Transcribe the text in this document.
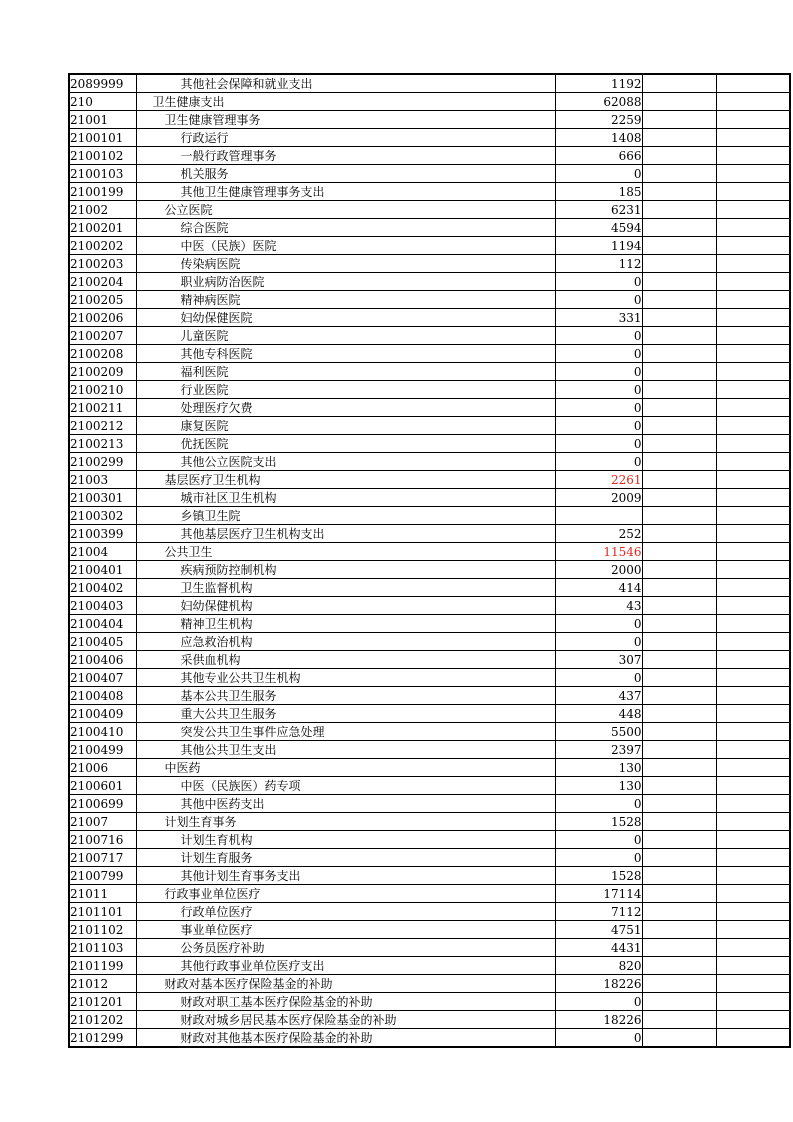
2089999	其他社会保障和就业支出	1192		
210	卫生健康支出	62088		
21001	卫生健康管理事务	2259		
2100101	行政运行	1408		
2100102	一般行政管理事务	666		
2100103	机关服务	0		
2100199	其他卫生健康管理事务支出	185		
21002	公立医院	6231		
2100201	综合医院	4594		
2100202	中医（民族）医院	1194		
2100203	传染病医院	112		
2100204	职业病防治医院	0		
2100205	精神病医院	0		
2100206	妇幼保健医院	331		
2100207	儿童医院	0		
2100208	其他专科医院	0		
2100209	福利医院	0		
2100210	行业医院	0		
2100211	处理医疗欠费	0		
2100212	康复医院	0		
2100213	优抚医院	0		
2100299	其他公立医院支出	0		
21003	基层医疗卫生机构	2261		
2100301	城市社区卫生机构	2009		
2100302	乡镇卫生院			
2100399	其他基层医疗卫生机构支出	252		
21004	公共卫生	11546		
2100401	疾病预防控制机构	2000		
2100402	卫生监督机构	414		
2100403	妇幼保健机构	43		
2100404	精神卫生机构	0		
2100405	应急救治机构	0		
2100406	采供血机构	307		
2100407	其他专业公共卫生机构	0		
2100408	基本公共卫生服务	437		
2100409	重大公共卫生服务	448		
2100410	突发公共卫生事件应急处理	5500		
2100499	其他公共卫生支出	2397		
21006	中医药	130		
2100601	中医（民族医）药专项	130		
2100699	其他中医药支出	0		
21007	计划生育事务	1528		
2100716	计划生育机构	0		
2100717	计划生育服务	0		
2100799	其他计划生育事务支出	1528		
21011	行政事业单位医疗	17114		
2101101	行政单位医疗	7112		
2101102	事业单位医疗	4751		
2101103	公务员医疗补助	4431		
2101199	其他行政事业单位医疗支出	820		
21012	财政对基本医疗保险基金的补助	18226		
2101201	财政对职工基本医疗保险基金的补助	0		
2101202	财政对城乡居民基本医疗保险基金的补助	18226		
2101299	财政对其他基本医疗保险基金的补助	0		
